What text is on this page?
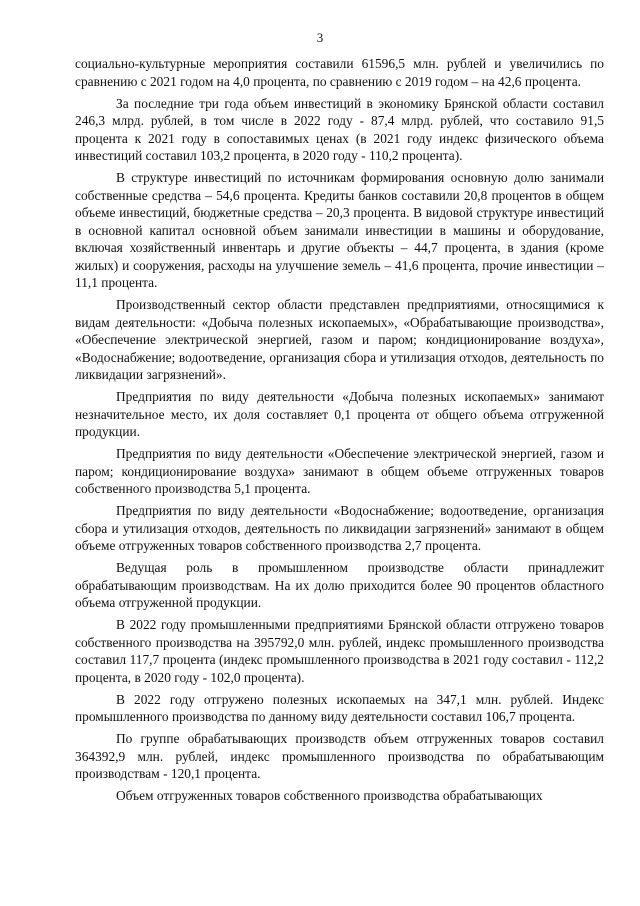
3

социально-культурные мероприятия составили 61596,5 млн. рублей и увеличились по сравнению с 2021 годом на 4,0 процента, по сравнению с 2019 годом – на 42,6 процента.

За последние три года объем инвестиций в экономику Брянской области составил 246,3 млрд. рублей, в том числе в 2022 году - 87,4 млрд. рублей, что составило 91,5 процента к 2021 году в сопоставимых ценах (в 2021 году индекс физического объема инвестиций составил 103,2 процента, в 2020 году - 110,2 процента).

В структуре инвестиций по источникам формирования основную долю занимали собственные средства – 54,6 процента. Кредиты банков составили 20,8 процентов в общем объеме инвестиций, бюджетные средства – 20,3 процента. В видовой структуре инвестиций в основной капитал основной объем занимали инвестиции в машины и оборудование, включая хозяйственный инвентарь и другие объекты – 44,7 процента, в здания (кроме жилых) и сооружения, расходы на улучшение земель – 41,6 процента, прочие инвестиции – 11,1 процента.

Производственный сектор области представлен предприятиями, относящимися к видам деятельности: «Добыча полезных ископаемых», «Обрабатывающие производства», «Обеспечение электрической энергией, газом и паром; кондиционирование воздуха», «Водоснабжение; водоотведение, организация сбора и утилизация отходов, деятельность по ликвидации загрязнений».

Предприятия по виду деятельности «Добыча полезных ископаемых» занимают незначительное место, их доля составляет 0,1 процента от общего объема отгруженной продукции.

Предприятия по виду деятельности «Обеспечение электрической энергией, газом и паром; кондиционирование воздуха» занимают в общем объеме отгруженных товаров собственного производства 5,1 процента.

Предприятия по виду деятельности «Водоснабжение; водоотведение, организация сбора и утилизация отходов, деятельность по ликвидации загрязнений» занимают в общем объеме отгруженных товаров собственного производства 2,7 процента.

Ведущая роль в промышленном производстве области принадлежит обрабатывающим производствам. На их долю приходится более 90 процентов областного объема отгруженной продукции.

В 2022 году промышленными предприятиями Брянской области отгружено товаров собственного производства на 395792,0 млн. рублей, индекс промышленного производства составил 117,7 процента (индекс промышленного производства в 2021 году составил - 112,2 процента, в 2020 году - 102,0 процента).

В 2022 году отгружено полезных ископаемых на 347,1 млн. рублей. Индекс промышленного производства по данному виду деятельности составил 106,7 процента.

По группе обрабатывающих производств объем отгруженных товаров составил 364392,9 млн. рублей, индекс промышленного производства по обрабатывающим производствам - 120,1 процента.

Объем отгруженных товаров собственного производства обрабатывающих
